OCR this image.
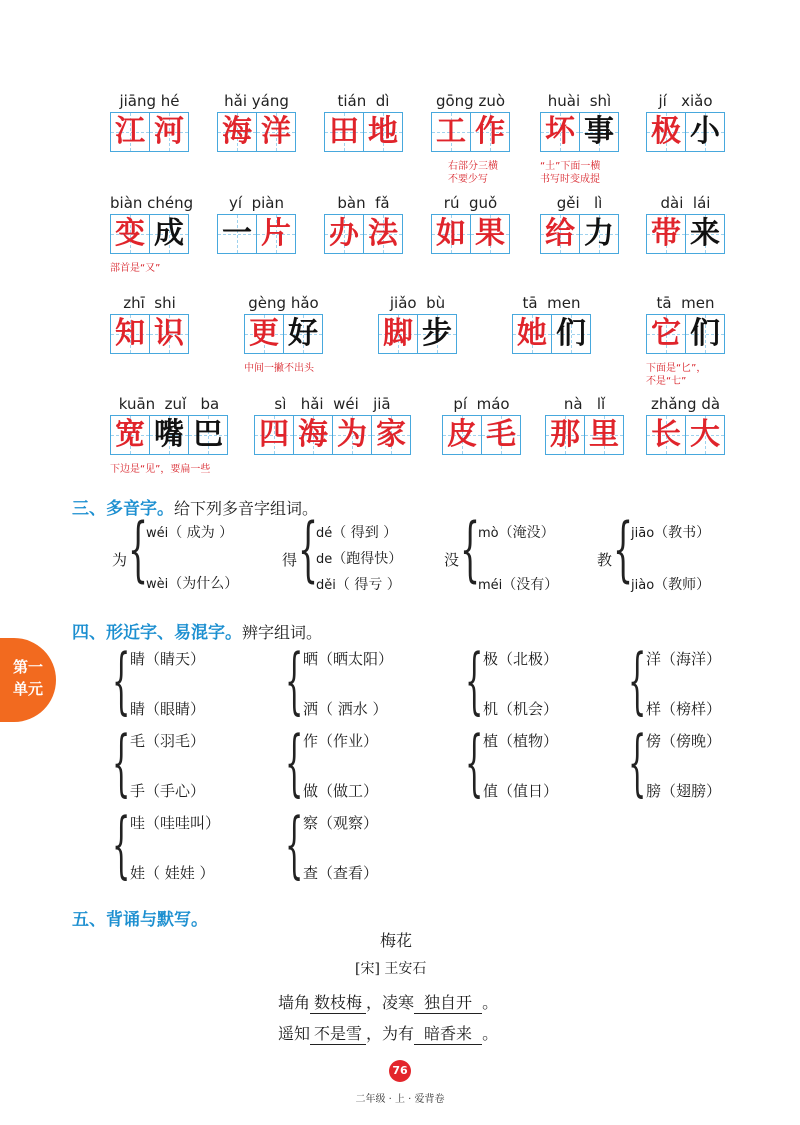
jiāng hé
江 河
hǎi yáng
海 洋
tián  dì
田 地
gōng zuò
工 作
huài  shì
坏 事
jí   xiǎo
极 小
biàn chéng
变 成
yí  piàn
一 片
bàn  fǎ
办 法
rú  guǒ
如 果
gěi   lì
给 力
dài  lái
带 来
zhī  shi
知 识
gèng hǎo
更 好
jiǎo  bù
脚 步
tā  men
她 们
tā  men
它 们
kuān  zuǐ   ba
宽 嘴 巴
sì   hǎi  wéi   jiā
四 海 为 家
pí  máo
皮 毛
nà   lǐ
那 里
zhǎng dà
长 大
右部分三横
不要少写
“土”下面一横
书写时变成提
部首是“又”
中间一撇不出头	下面是“匕”，
不是“七”
下边是“见”，要扁一些
三、多音字。给下列多音字组词。
为 {
wéi（ 成为 ）
wèi（为什么）
得 {
dé（ 得到 ）
de（跑得快）
děi（ 得亏 ）
没 {
mò（淹没）
méi（没有）
教 {
jiāo（教书）
jiào（教师）
四、形近字、易混字。辨字组词。
{ 睛（睛天）
睛（眼睛） { 晒（晒太阳）
洒（ 洒水 ） { 极（北极）
机（机会） { 洋（海洋）
样（榜样）
{ 毛（羽毛）
手（手心） { 作（作业）
做（做工） { 植（植物）
值（值日） { 傍（傍晚）
膀（翅膀）
{ 哇（哇哇叫）
娃（ 娃娃 ） { 察（观察）
查（查看）
第一
单元
五、背诵与默写。
梅花
[宋] 王安石
墙角 数枝梅 ，凌寒 独自开 。
遥知 不是雪 ，为有 暗香来 。
76
二年级 · 上 · 爱背卷
